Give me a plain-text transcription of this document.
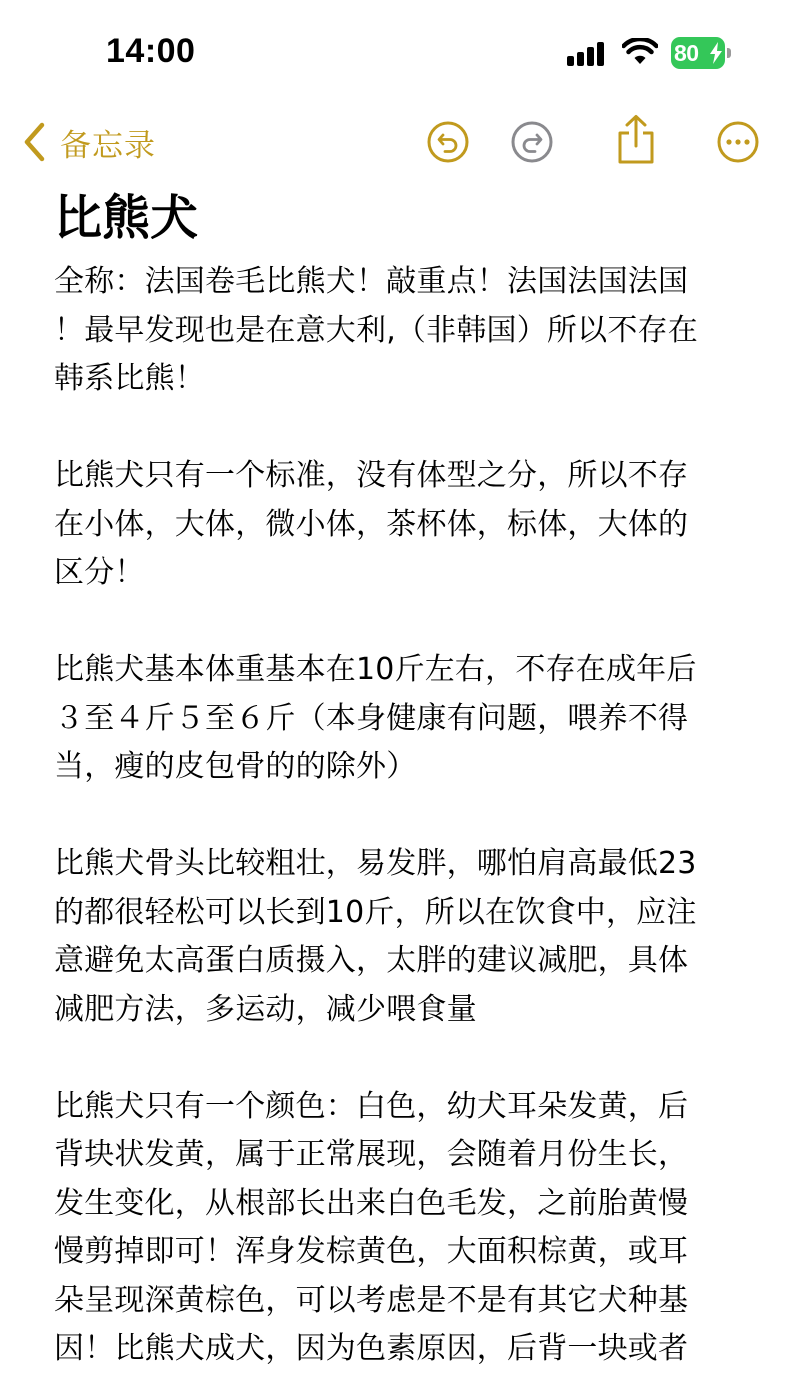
14:00	80
备忘录
比熊犬

全称：法国卷毛比熊犬！敲重点！法国法国法国
！最早发现也是在意大利,（非韩国）所以不存在
韩系比熊！

比熊犬只有一个标准，没有体型之分，所以不存
在小体，大体，微小体，茶杯体，标体，大体的
区分！

比熊犬基本体重基本在10斤左右，不存在成年后
３至４斤５至６斤（本身健康有问题，喂养不得
当，瘦的皮包骨的的除外）

比熊犬骨头比较粗壮，易发胖，哪怕肩高最低23
的都很轻松可以长到10斤，所以在饮食中，应注
意避免太高蛋白质摄入，太胖的建议减肥，具体
减肥方法，多运动，减少喂食量

比熊犬只有一个颜色：白色，幼犬耳朵发黄，后
背块状发黄，属于正常展现，会随着月份生长，
发生变化，从根部长出来白色毛发，之前胎黄慢
慢剪掉即可！浑身发棕黄色，大面积棕黄，或耳
朵呈现深黄棕色，可以考虑是不是有其它犬种基
因！比熊犬成犬，因为色素原因，后背一块或者
